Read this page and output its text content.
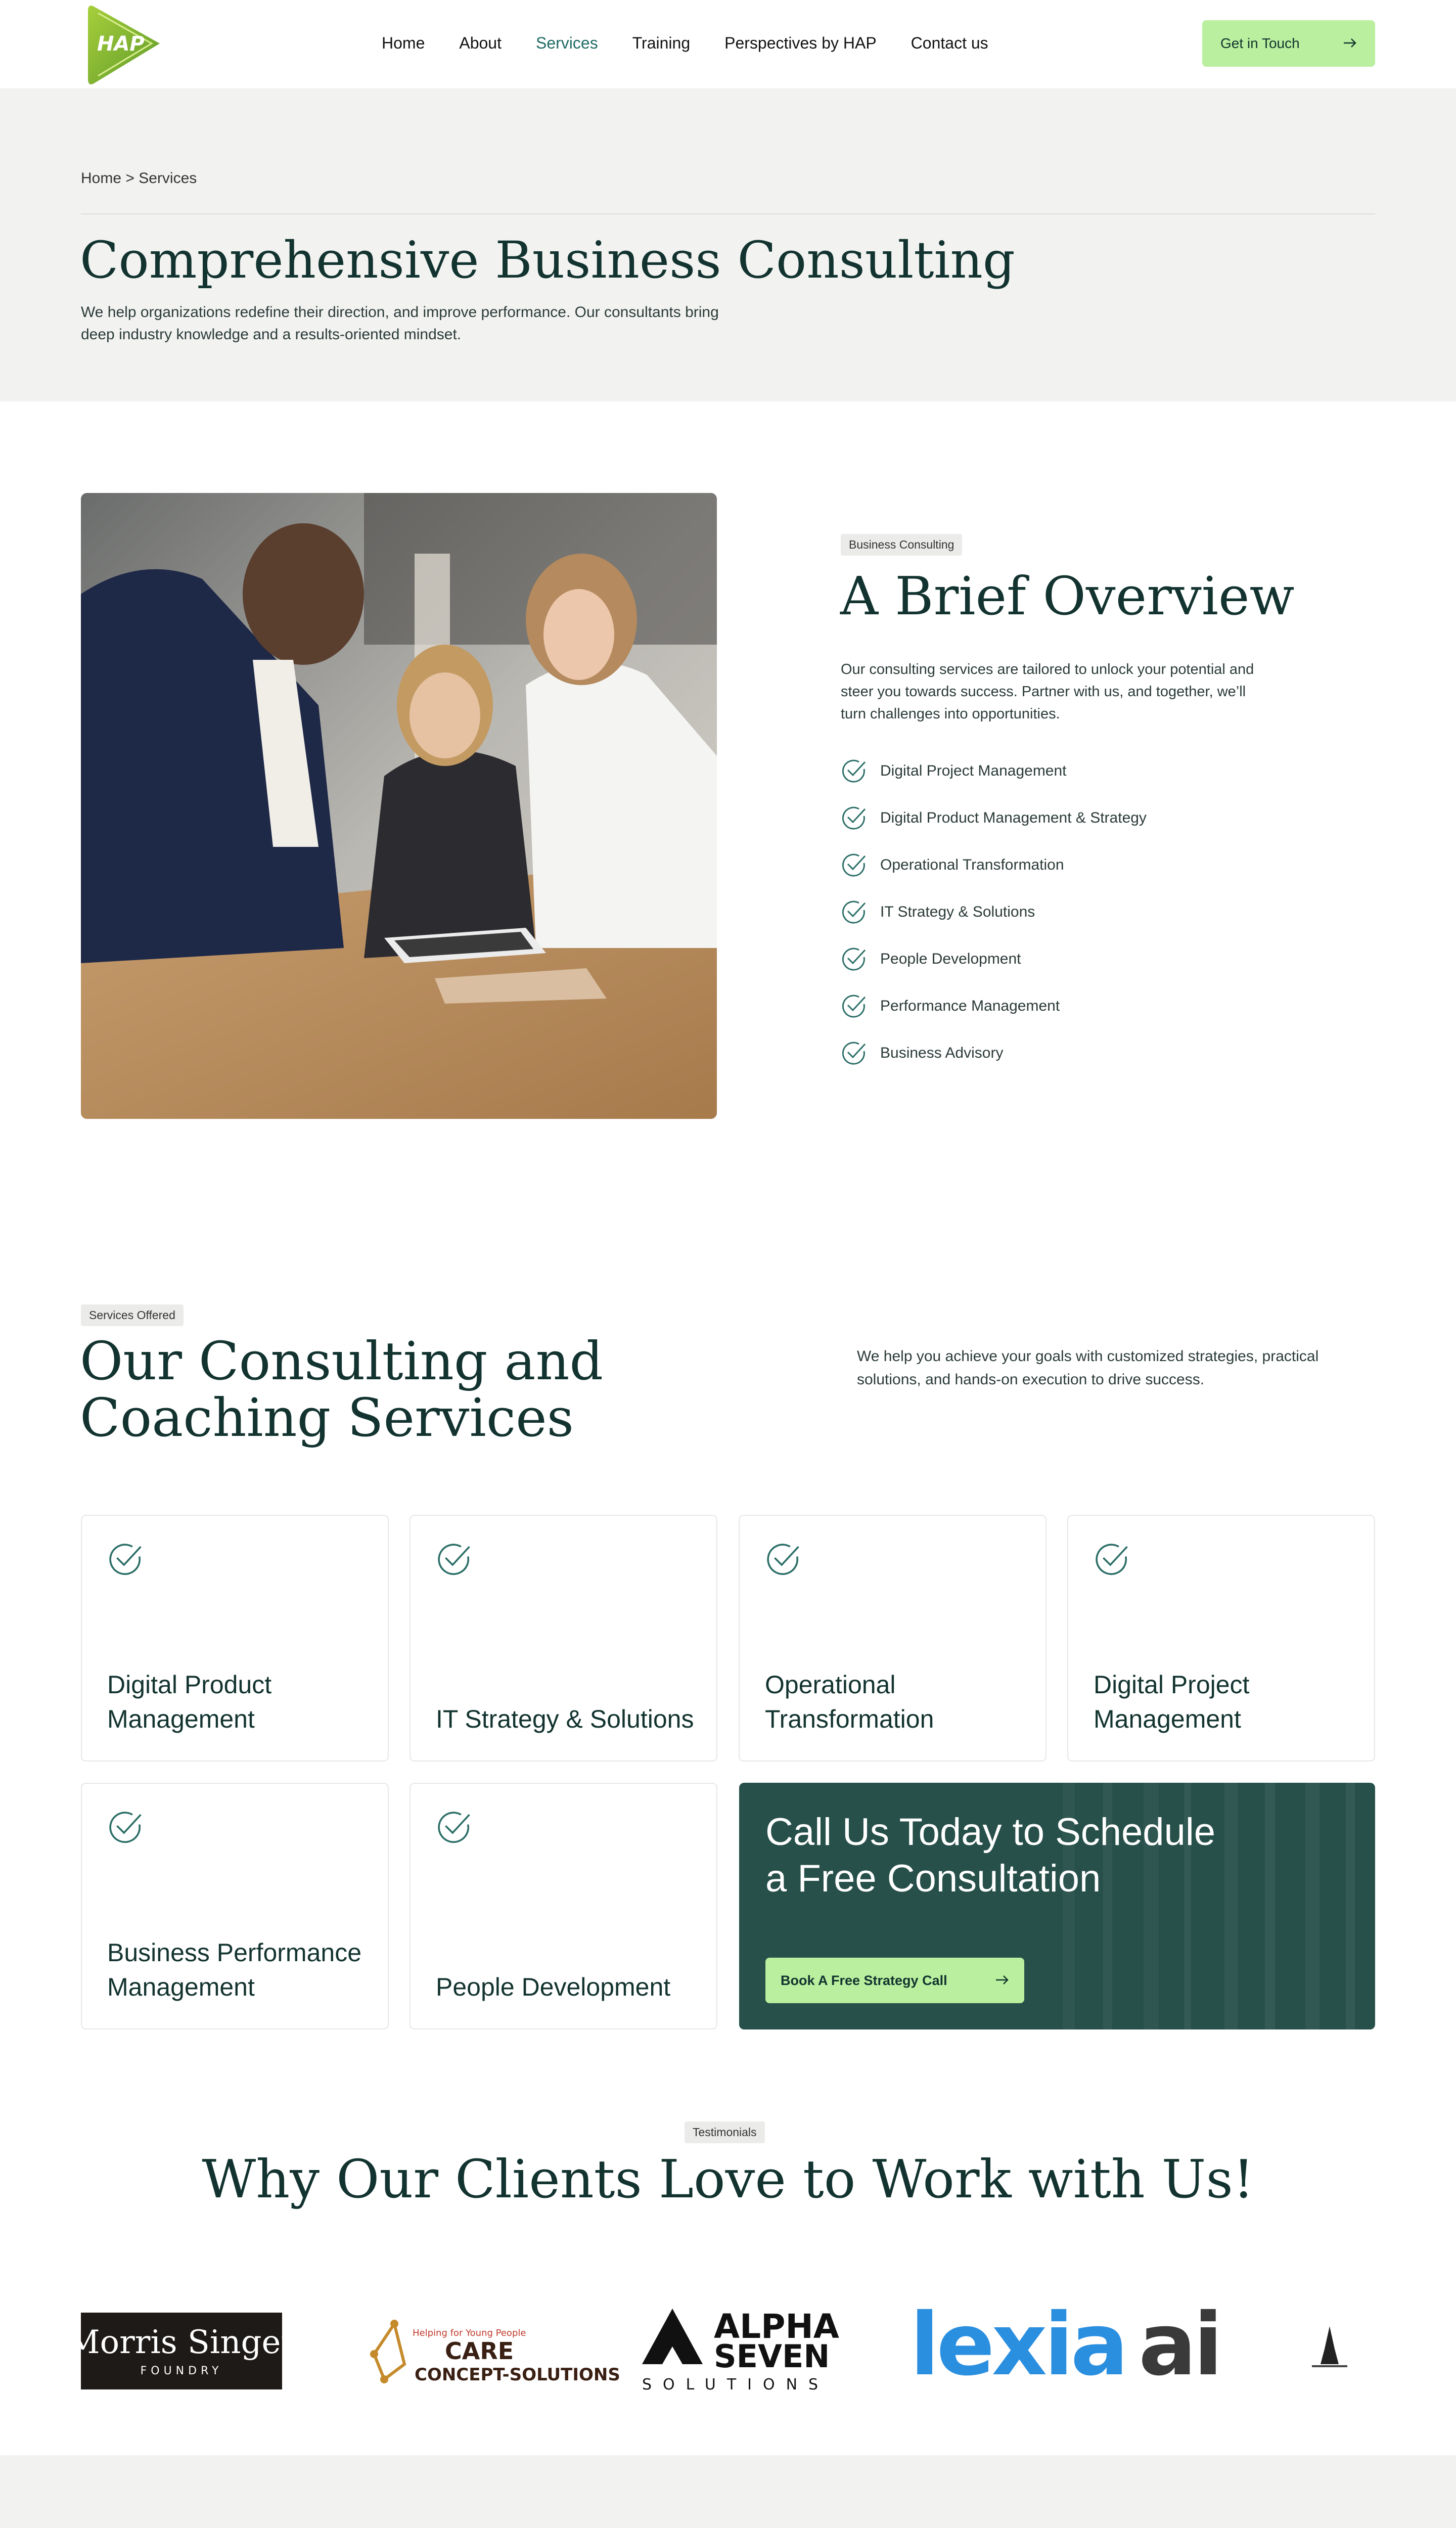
HAP	Home About Services Training Perspectives by HAP Contact us	Get in Touch
Home > Services
Comprehensive Business Consulting

We help organizations redefine their direction, and improve performance. Our consultants bring deep industry knowledge and a results-oriented mindset.

Business Consulting
A Brief Overview

Our consulting services are tailored to unlock your potential and steer you towards success. Partner with us, and together, we’ll turn challenges into opportunities.

Digital Project Management
Digital Product Management & Strategy
Operational Transformation
IT Strategy & Solutions
People Development
Performance Management
Business Advisory
Services Offered
Our Consulting and Coaching Services

We help you achieve your goals with customized strategies, practical solutions, and hands-on execution to drive success.

Digital Product Management	IT Strategy & Solutions
Operational Transformation
Digital Project Management
Business Performance Management	People Development
Call Us Today to Schedule a Free Consultation
Book A Free Strategy Call
Testimonials
Why Our Clients Love to Work with Us!
Morris Singer
FOUNDRY
Helping for Young People
CARE
CONCEPT-SOLUTIONS
ALPHA
SEVEN
SOLUTIONS lexia ai
